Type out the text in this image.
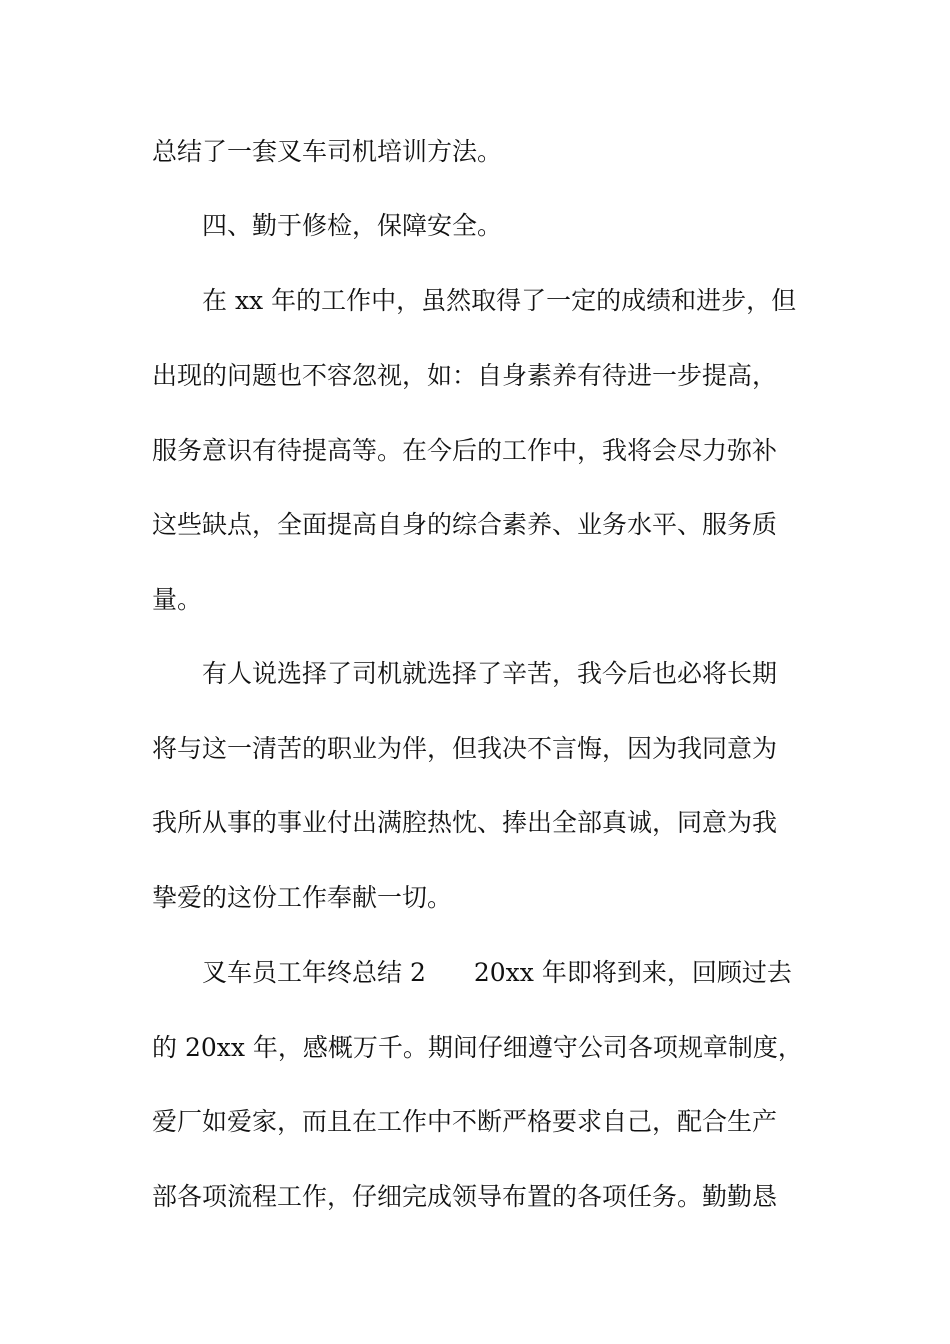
总结了一套叉车司机培训方法。
四、勤于修检，保障安全。
在 xx 年的工作中，虽然取得了一定的成绩和进步，但
出现的问题也不容忽视，如：自身素养有待进一步提高，
服务意识有待提高等。在今后的工作中，我将会尽力弥补
这些缺点，全面提高自身的综合素养、业务水平、服务质
量。
有人说选择了司机就选择了辛苦，我今后也必将长期
将与这一清苦的职业为伴，但我决不言悔，因为我同意为
我所从事的事业付出满腔热忱、捧出全部真诚，同意为我
挚爱的这份工作奉献一切。
叉车员工年终总结 2 20xx 年即将到来，回顾过去
的 20xx 年，感概万千。期间仔细遵守公司各项规章制度，
爱厂如爱家，而且在工作中不断严格要求自己，配合生产
部各项流程工作，仔细完成领导布置的各项任务。勤勤恳
